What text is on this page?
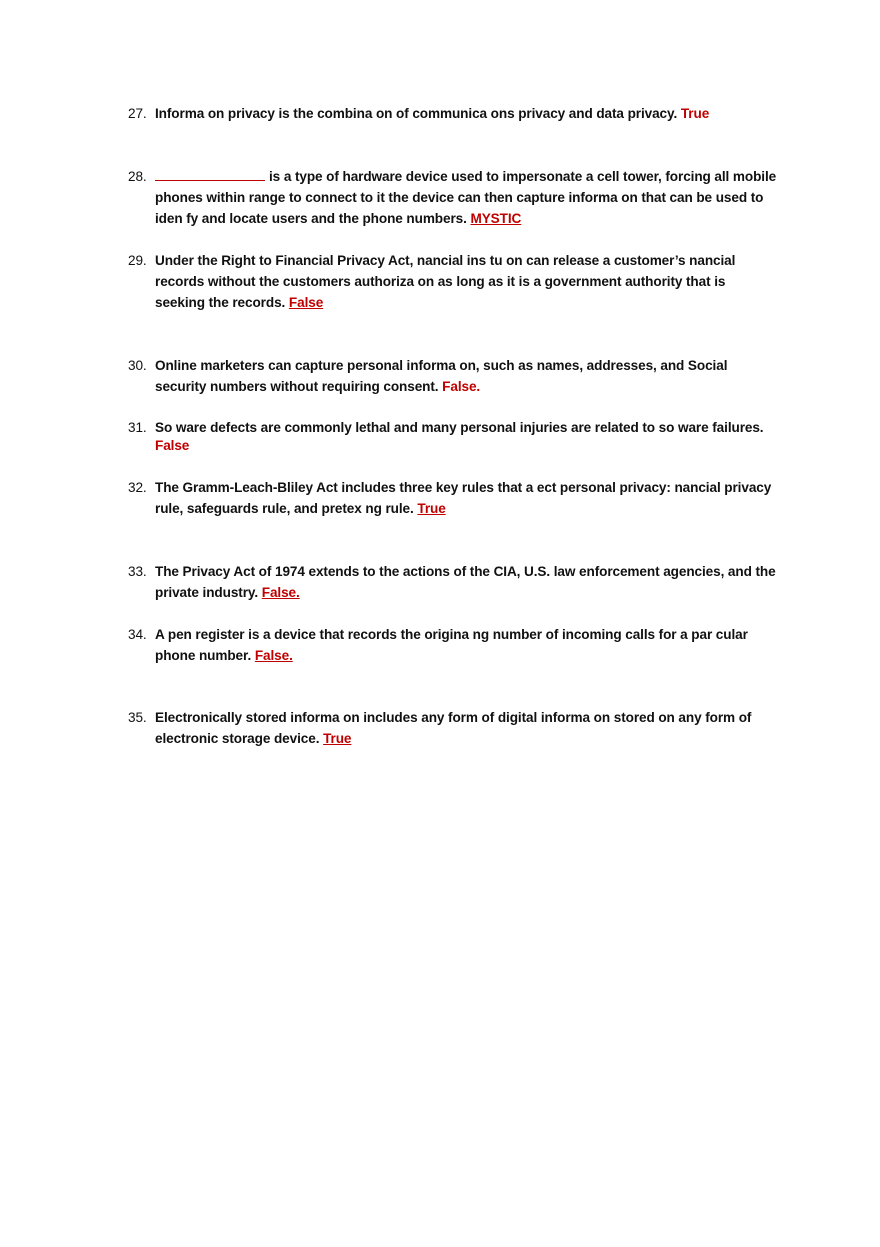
27. Informa on privacy is the combina on of communica ons privacy and data privacy. True
28.	is a type of hardware device used to impersonate a cell tower, forcing all mobile phones within range to connect to it the device can then capture informa on that can be used to iden fy and locate users and the phone numbers. MYSTIC
29. Under the Right to Financial Privacy Act, nancial ins tu on can release a customer’s nancial records without the customers authoriza on as long as it is a government authority that is seeking the records. False
30. Online marketers can capture personal informa on, such as names, addresses, and Social security numbers without requiring consent. False.
31. So ware defects are commonly lethal and many personal injuries are related to so ware failures. False
32. The Gramm-Leach-Bliley Act includes three key rules that a ect personal privacy: nancial privacy rule, safeguards rule, and pretex ng rule. True
33. The Privacy Act of 1974 extends to the actions of the CIA, U.S. law enforcement agencies, and the private industry. False.
34. A pen register is a device that records the origina ng number of incoming calls for a par cular phone number. False.
35. Electronically stored informa on includes any form of digital informa on stored on any form of electronic storage device. True
